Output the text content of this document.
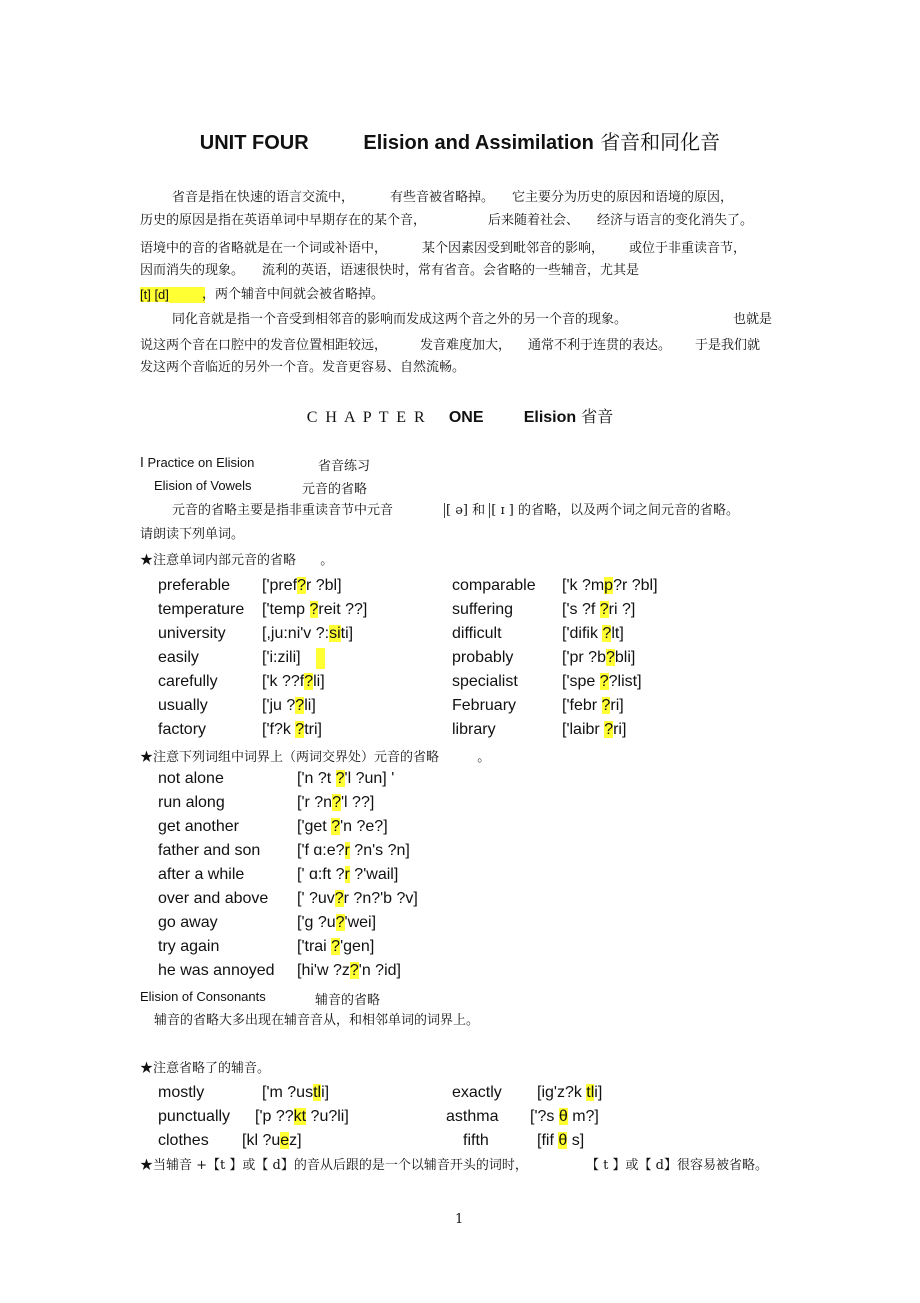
UNIT FOUR	Elision and Assimilation 省音和同化音
省音是指在快速的语言交流中，	有些音被省略掉。 它主要分为历史的原因和语境的原因，
历史的原因是指在英语单词中早期存在的某个音，	后来随着社会、 经济与语言的变化消失了。
语境中的音的省略就是在一个词或补语中，	某个因素因受到毗邻音的影响， 或位于非重读音节，
因而消失的现象。 流利的英语，语速很快时，常有省音。会省略的一些辅音，尤其是
[t] [d]	，两个辅音中间就会被省略掉。
同化音就是指一个音受到相邻音的影响而发成这两个音之外的另一个音的现象。	也就是
说这两个音在口腔中的发音位置相距较远，	发音难度加大， 通常不利于连贯的表达。 于是我们就
发这两个音临近的另外一个音。发音更容易、自然流畅。
C H A P T E R ONE	Elision 省音
Ⅰ Practice on Elision	省音练习
Elision of Vowels	元音的省略
元音的省略主要是指非重读音节中元音	[ ə] 和 [ ɪ ] 的省略，以及两个词之间元音的省略。
请朗读下列单词。
★注意单词内部元音的省略 。
preferable ['pref?r ?bl]	comparable ['k ?mp?r ?bl]
temperature ['temp ?reit ??]	suffering	['s ?f ?ri ?]
university [,ju:ni'v ?:siti]	difficult	['difik ?lt]
easily	['i:zili]	probably	['pr ?b?bli]
carefully	['k ??f?li]	specialist	['spe ??list]
usually	['ju ??li]	February	['febr ?ri]
factory	['f?k ?tri]	library	['laibr ?ri]
★注意下列词组中词界上（两词交界处）元音的省略	。
not alone	['n ?t ?'l ?un] '
run along	['r ?n?'l ??]
get another	['get ?'n ?e?]
father and son ['f ɑ:e?r ?n's ?n]
after a while	[' ɑ:ft ?r ?'wail]
over and above [' ?uv?r ?n?'b ?v]
go away	['g ?u?'wei]
try again	['trai ?'gen]
he was annoyed [hi'w ?z?'n ?id]
Elision of Consonants	辅音的省略
辅音的省略大多出现在辅音音从，和相邻单词的词界上。
★注意省略了的辅音。
mostly	['m ?ustli]	exactly [ig'z?k tli]
punctually ['p ??kt ?u?li]	asthma ['?s θ m?]
clothes [kl ?uez]	fifth	[fif θ s]
★当辅音 +【t 】或【 d】的音从后跟的是一个以辅音开头的词时，	【 t 】或【 d】很容易被省略。
1
